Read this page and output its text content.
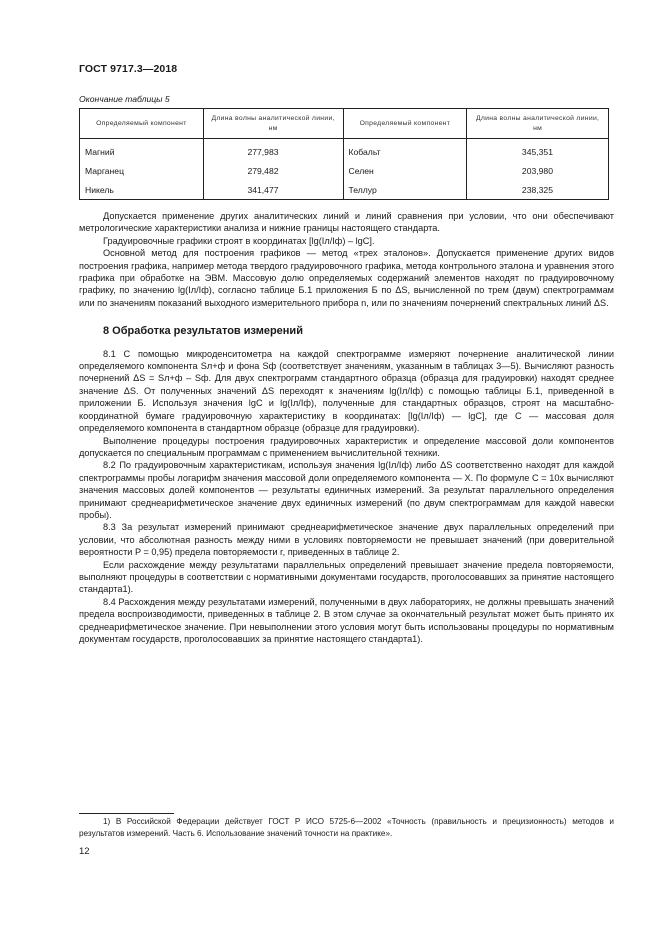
ГОСТ 9717.3—2018
Окончание таблицы 5
Определяемый компонент	Длина волны аналитической линии, нм	Определяемый компонент	Длина волны аналитической линии, нм
Магний	277,983	Кобальт	345,351
Марганец	279,482	Селен	203,980
Никель	341,477	Теллур	238,325

Допускается применение других аналитических линий и линий сравнения при условии, что они обеспечивают метрологические характеристики анализа и нижние границы настоящего стандарта.

Градуировочные графики строят в координатах [lg(Iл/Iф) – lgC].

Основной метод для построения графиков — метод «трех эталонов». Допускается применение других видов построения графика, например метода твердого градуировочного графика, метода контрольного эталона и уравнения этого графика при обработке на ЭВМ. Массовую долю определяемых содержаний элементов находят по градуировочному графику, по значению lg(Iл/Iф), согласно таблице Б.1 приложения Б по ΔS, вычисленной по трем (двум) спектрограммам или по значениям показаний выходного измерительного прибора n, или по значениям почернений спектральных линий ΔS.

8 Обработка результатов измерений

8.1 С помощью микроденситометра на каждой спектрограмме измеряют почернение аналитической линии определяемого компонента Sл+ф и фона Sф (соответствует значениям, указанным в таблицах 3—5). Вычисляют разность почернений ΔS = Sл+ф – Sф. Для двух спектрограмм стандартного образца (образца для градуировки) находят среднее значение ΔS. От полученных значений ΔS переходят к значениям lg(Iл/Iф) с помощью таблицы Б.1, приведенной в приложении Б. Используя значения lgC и lg(Iл/Iф), полученные для стандартных образцов, строят на масштабно-координатной бумаге градуировочную характеристику в координатах: [lg(Iл/Iф) — lgC], где C — массовая доля определяемого компонента в стандартном образце (образце для градуировки).

Выполнение процедуры построения градуировочных характеристик и определение массовой доли компонентов допускается по специальным программам с применением вычислительной техники.

8.2 По градуировочным характеристикам, используя значения lg(Iл/Iф) либо ΔS соответственно находят для каждой спектрограммы пробы логарифм значения массовой доли определяемого компонента — X. По формуле C = 10x вычисляют значения массовых долей компонентов — результаты единичных измерений. За результат параллельного определения принимают среднеарифметическое значение двух единичных измерений (по двум спектрограммам для каждой навески пробы).

8.3 За результат измерений принимают среднеарифметическое значение двух параллельных определений при условии, что абсолютная разность между ними в условиях повторяемости не превышает значений (при доверительной вероятности P = 0,95) предела повторяемости r, приведенных в таблице 2.

Если расхождение между результатами параллельных определений превышает значение предела повторяемости, выполняют процедуры в соответствии с нормативными документами государств, проголосовавших за принятие настоящего стандарта1).

8.4 Расхождения между результатами измерений, полученными в двух лабораториях, не должны превышать значений предела воспроизводимости, приведенных в таблице 2. В этом случае за окончательный результат может быть принято их среднеарифметическое значение. При невыполнении этого условия могут быть использованы процедуры по нормативным документам государств, проголосовавших за принятие настоящего стандарта1).

1) В Российской Федерации действует ГОСТ Р ИСО 5725-6—2002 «Точность (правильность и прецизионность) методов и результатов измерений. Часть 6. Использование значений точности на практике».

12
